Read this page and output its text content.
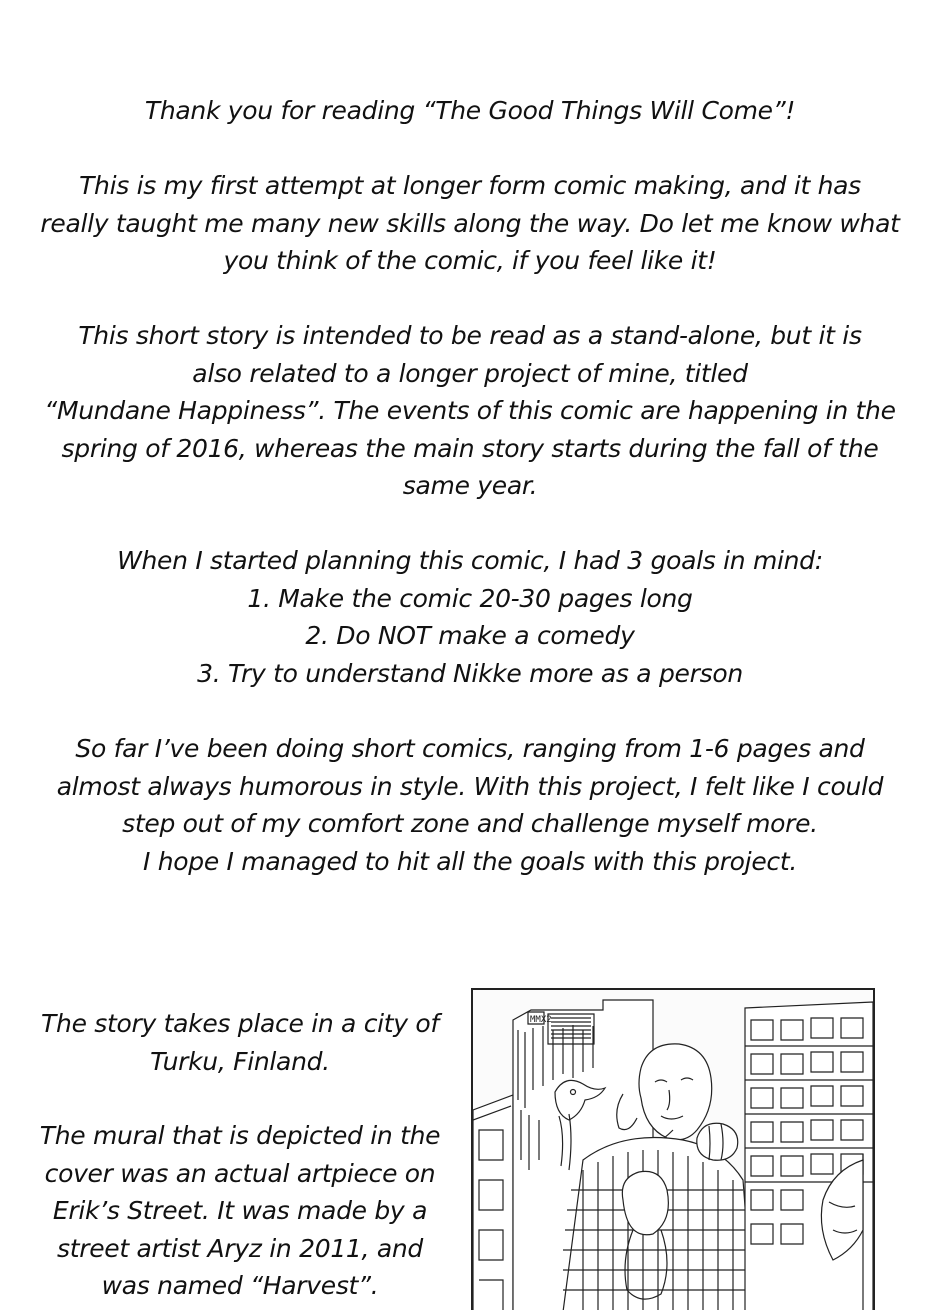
Thank you for reading “The Good Things Will Come”!

This is my first attempt at longer form comic making, and it has
really taught me many new skills along the way. Do let me know what
you think of the comic, if you feel like it!

This short story is intended to be read as a stand-alone, but it is
also related to a longer project of mine, titled
“Mundane Happiness”. The events of this comic are happening in the
spring of 2016, whereas the main story starts during the fall of the
same year.

When I started planning this comic, I had 3 goals in mind:
1. Make the comic 20-30 pages long
2. Do NOT make a comedy
3. Try to understand Nikke more as a person

So far I’ve been doing short comics, ranging from 1-6 pages and
almost always humorous in style. With this project, I felt like I could
step out of my comfort zone and challenge myself more.
I hope I managed to hit all the goals with this project.

The story takes place in a city of
Turku, Finland.

The mural that is depicted in the
cover was an actual artpiece on
Erik’s Street. It was made by a
street artist Aryz in 2011, and
was named “Harvest”.

MMX2
